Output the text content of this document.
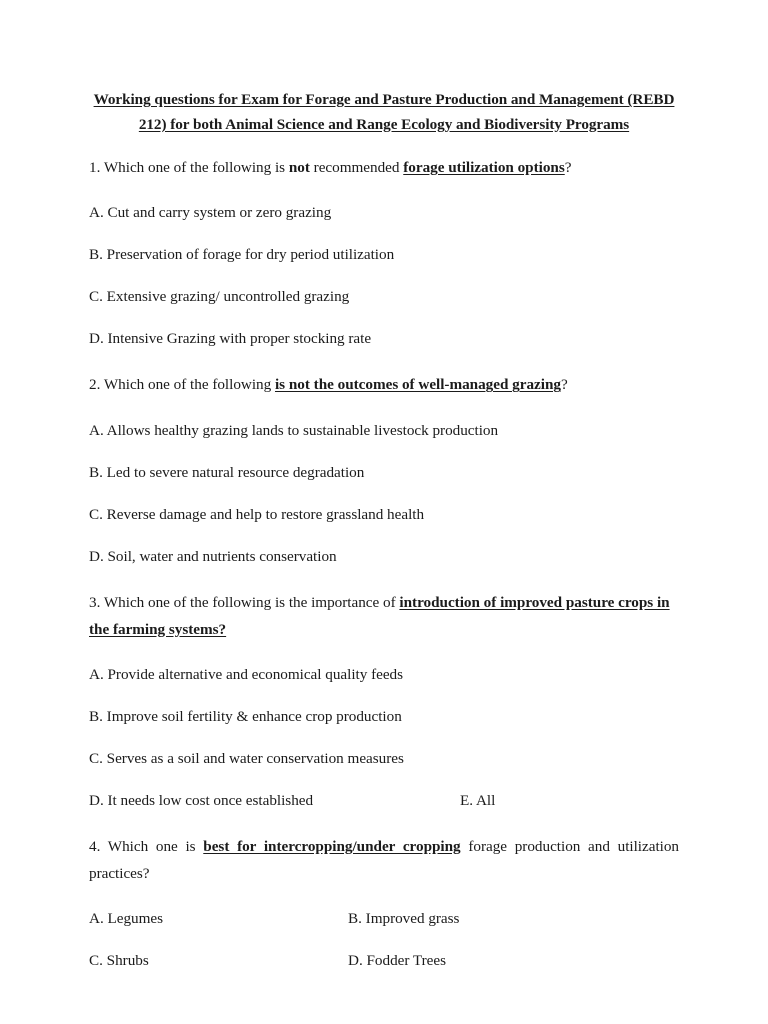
Working questions for Exam for Forage and Pasture Production and Management (REBD
212) for both Animal Science and Range Ecology and Biodiversity Programs

1. Which one of the following is not recommended forage utilization options?

A. Cut and carry system or zero grazing

B. Preservation of forage for dry period utilization

C. Extensive grazing/ uncontrolled grazing

D. Intensive Grazing with proper stocking rate

2. Which one of the following is not the outcomes of well-managed grazing?

A. Allows healthy grazing lands to sustainable livestock production

B. Led to severe natural resource degradation

C. Reverse damage and help to restore grassland health

D. Soil, water and nutrients conservation

3. Which one of the following is the importance of introduction of improved pasture crops in the farming systems?

A. Provide alternative and economical quality feeds

B. Improve soil fertility & enhance crop production

C. Serves as a soil and water conservation measures

D. It needs low cost once established	E. All

4. Which one is best for intercropping/under cropping forage production and utilization practices?

A. Legumes	B. Improved grass
C. Shrubs	D. Fodder Trees
